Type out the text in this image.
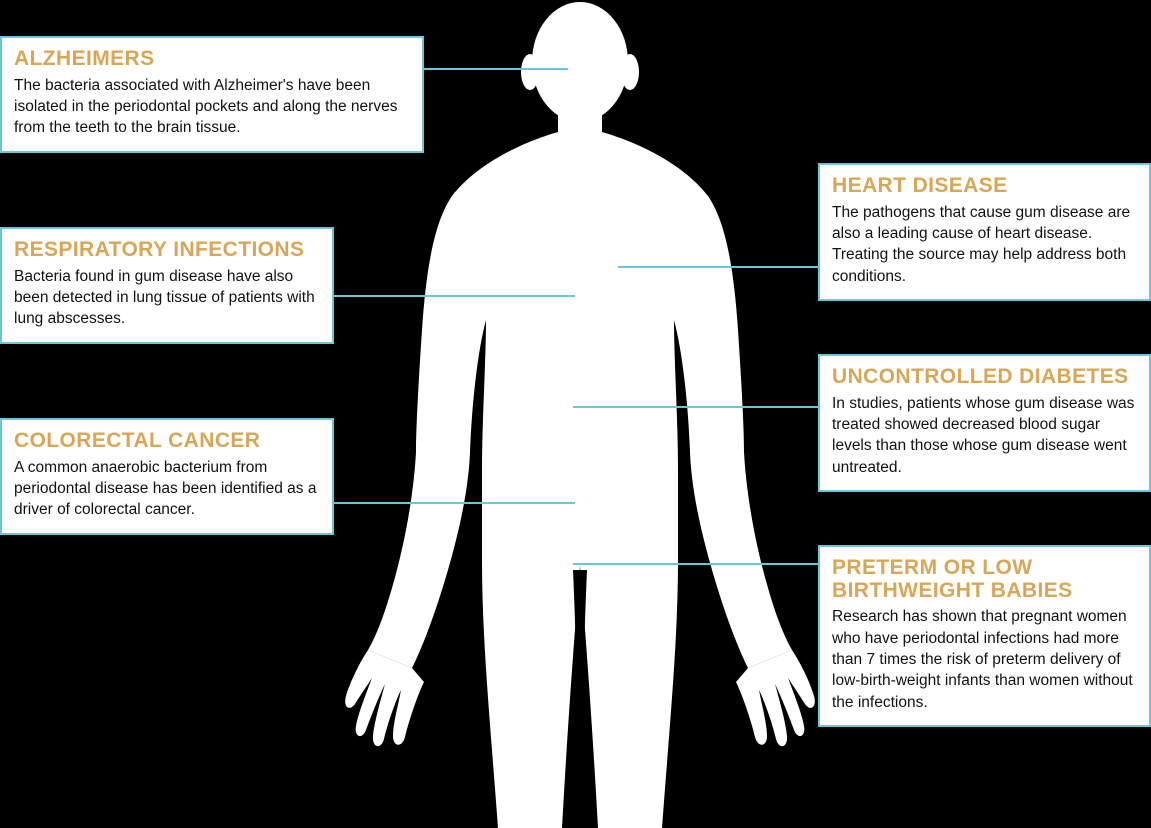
ALZHEIMERS

The bacteria associated with Alzheimer's have been isolated in the periodontal pockets and along the nerves from the teeth to the brain tissue.

RESPIRATORY INFECTIONS

Bacteria found in gum disease have also been detected in lung tissue of patients with lung abscesses.

COLORECTAL CANCER

A common anaerobic bacterium from periodontal disease has been identified as a driver of colorectal cancer.

HEART DISEASE

The pathogens that cause gum disease are also a leading cause of heart disease. Treating the source may help address both conditions.

UNCONTROLLED DIABETES

In studies, patients whose gum disease was treated showed decreased blood sugar levels than those whose gum disease went untreated.

PRETERM OR LOW BIRTHWEIGHT BABIES

Research has shown that pregnant women who have periodontal infections had more than 7 times the risk of preterm delivery of low-birth-weight infants than women without the infections.
